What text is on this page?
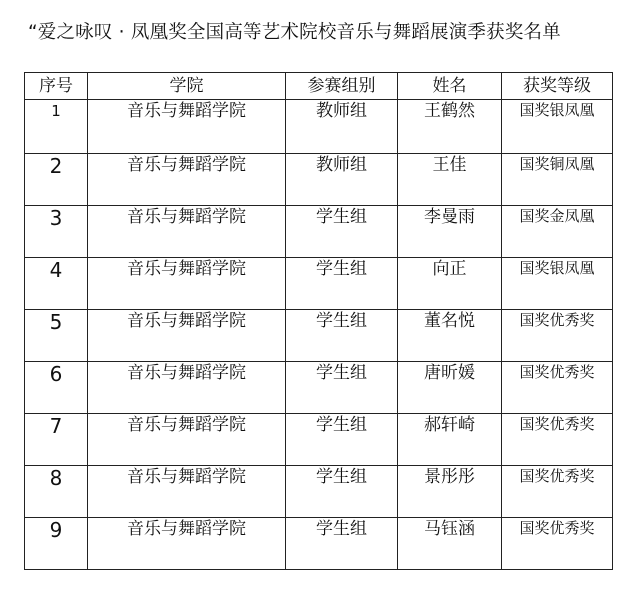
“爱之咏叹 · 凤凰奖全国高等艺术院校音乐与舞蹈展演季获奖名单
序号	学院	参赛组别	姓名	获奖等级
1	音乐与舞蹈学院	教师组	王鹤然	国奖银凤凰
2	音乐与舞蹈学院	教师组	王佳	国奖铜凤凰
3	音乐与舞蹈学院	学生组	李曼雨	国奖金凤凰
4	音乐与舞蹈学院	学生组	向正	国奖银凤凰
5	音乐与舞蹈学院	学生组	董名悦	国奖优秀奖
6	音乐与舞蹈学院	学生组	唐昕媛	国奖优秀奖
7	音乐与舞蹈学院	学生组	郝轩崎	国奖优秀奖
8	音乐与舞蹈学院	学生组	景彤彤	国奖优秀奖
9	音乐与舞蹈学院	学生组	马钰涵	国奖优秀奖
